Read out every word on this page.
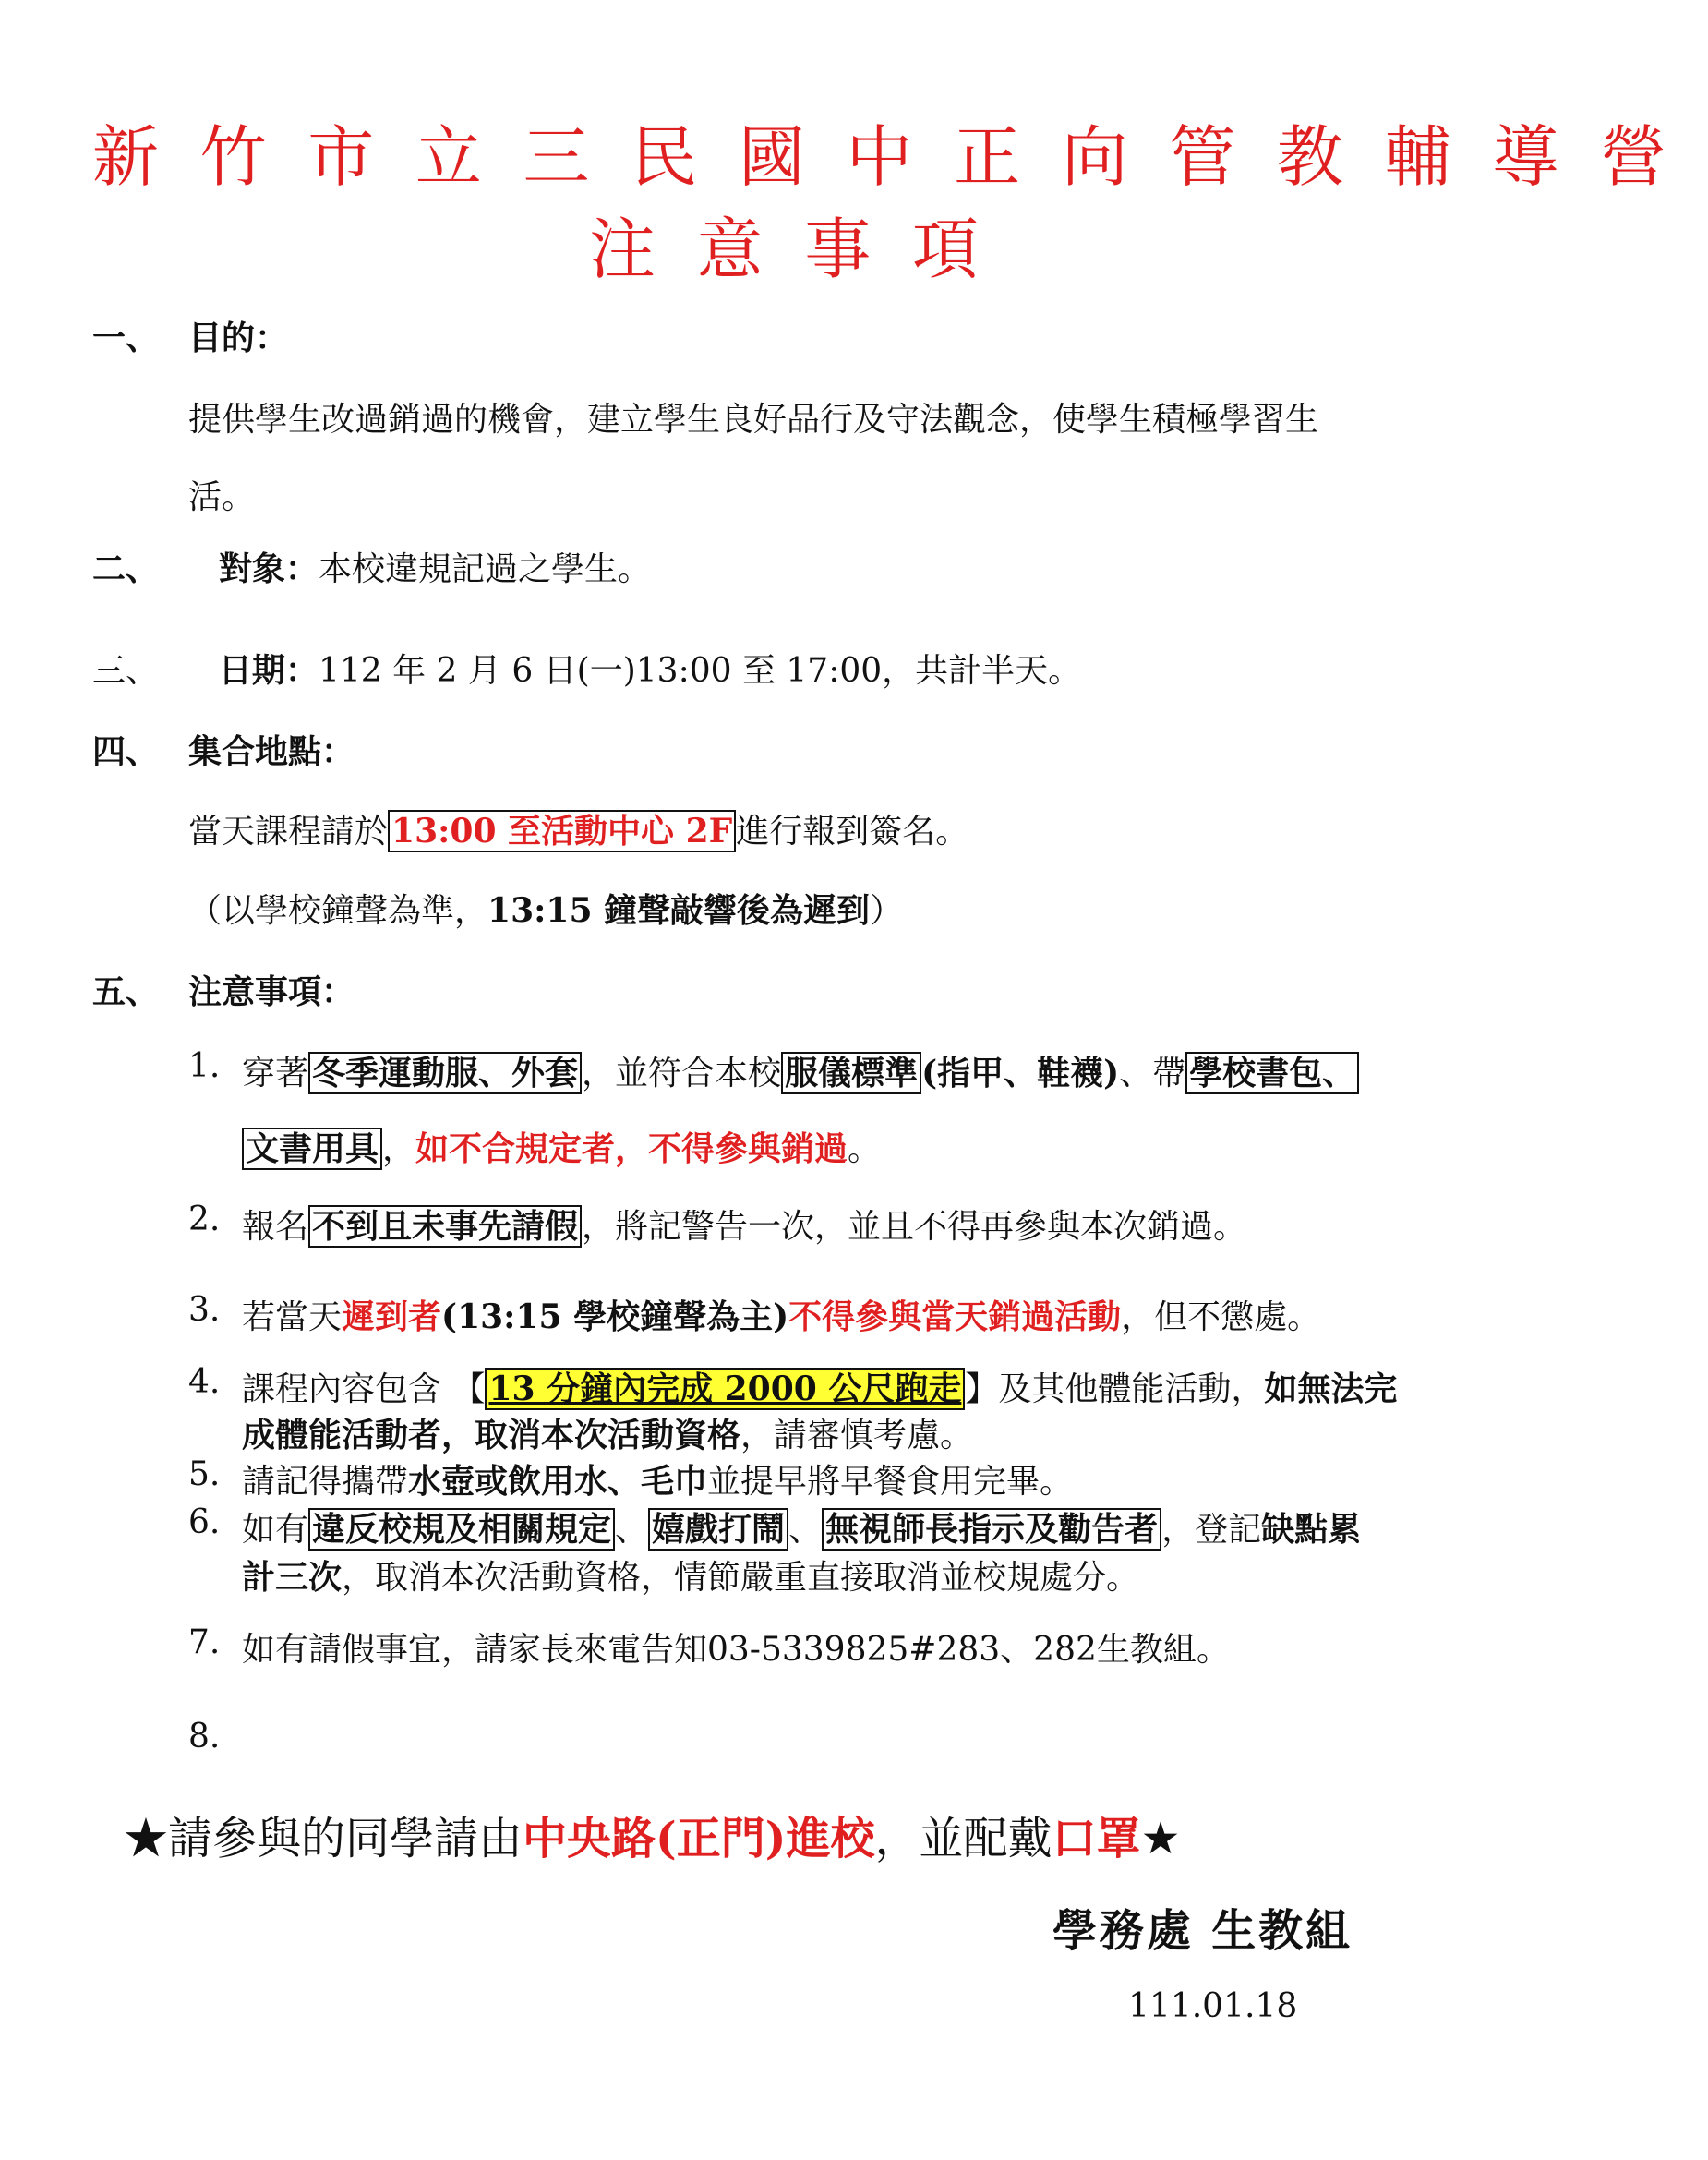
新竹市立三民國中正向管教輔導營
注意事項
一、 目的：
提供學生改過銷過的機會，建立學生良好品行及守法觀念，使學生積極學習生
活。
二、 對象：本校違規記過之學生。
三、 日期：112 年 2 月 6 日(一)13:00 至 17:00，共計半天。
四、 集合地點：
當天課程請於 13:00 至活動中心 2F 進行報到簽名。
（以學校鐘聲為準，13:15 鐘聲敲響後為遲到）
五、 注意事項：
1. 穿著 冬季運動服、外套 ，並符合本校 服儀標準 (指甲、鞋襪)、帶 學校書包、
文書用具 ，如不合規定者，不得參與銷過。
2. 報名 不到且未事先請假 ，將記警告一次，並且不得再參與本次銷過。
3. 若當天遲到者(13:15 學校鐘聲為主)不得參與當天銷過活動，但不懲處。
4. 課程內容包含 【 13 分鐘內完成 2000 公尺跑走 】及其他體能活動，如無法完
成體能活動者，取消本次活動資格，請審慎考慮。
5. 請記得攜帶水壺或飲用水、毛巾並提早將早餐食用完畢。
6. 如有 違反校規及相關規定 、 嬉戲打鬧 、 無視師長指示及勸告者 ，登記缺點累
計三次，取消本次活動資格，情節嚴重直接取消並校規處分。
7. 如有請假事宜，請家長來電告知03-5339825#283、282生教組。
8.
★請參與的同學請由中央路(正門)進校，並配戴口罩★
學務處 生教組
111.01.18
